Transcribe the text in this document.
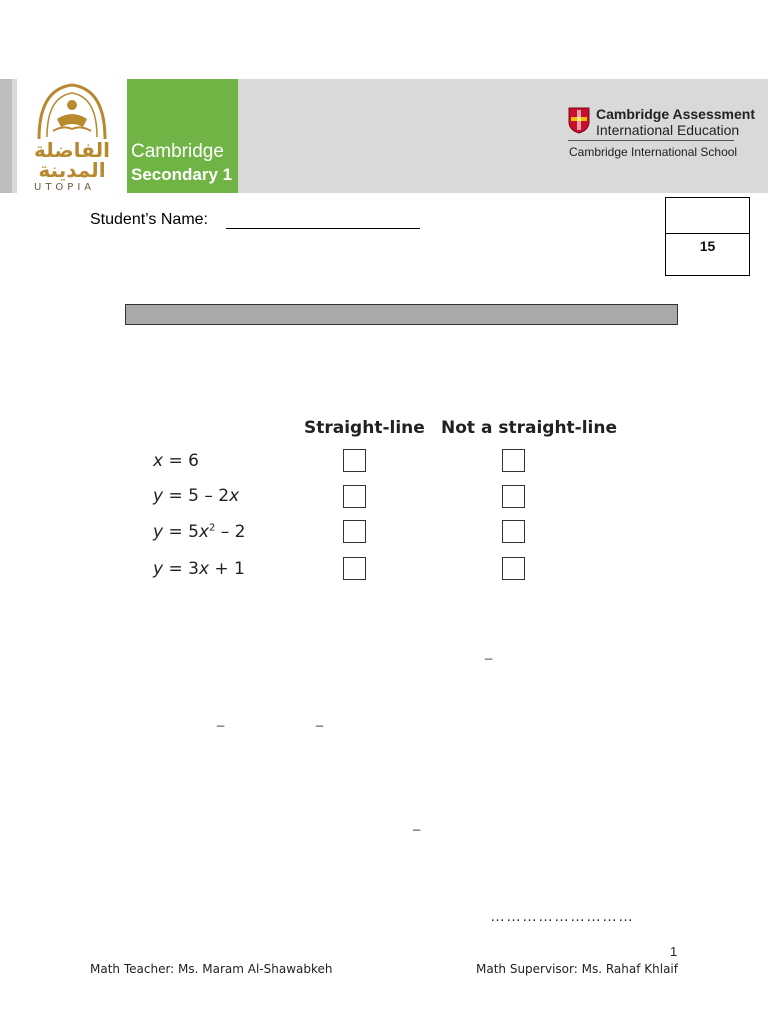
الفاضلة
المدينة
UTOPIA
Cambridge
Secondary 1
Cambridge Assessment
International Education
Cambridge International School
Student’s Name:
15
Straight-line Not a straight-line
x = 6
y = 5 – 2x
$y = 5x^2 - 2$
y = 3x + 1
_
_	_
_
………………………
1
Math Teacher: Ms. Maram Al-Shawabkeh	Math Supervisor: Ms. Rahaf Khlaif
